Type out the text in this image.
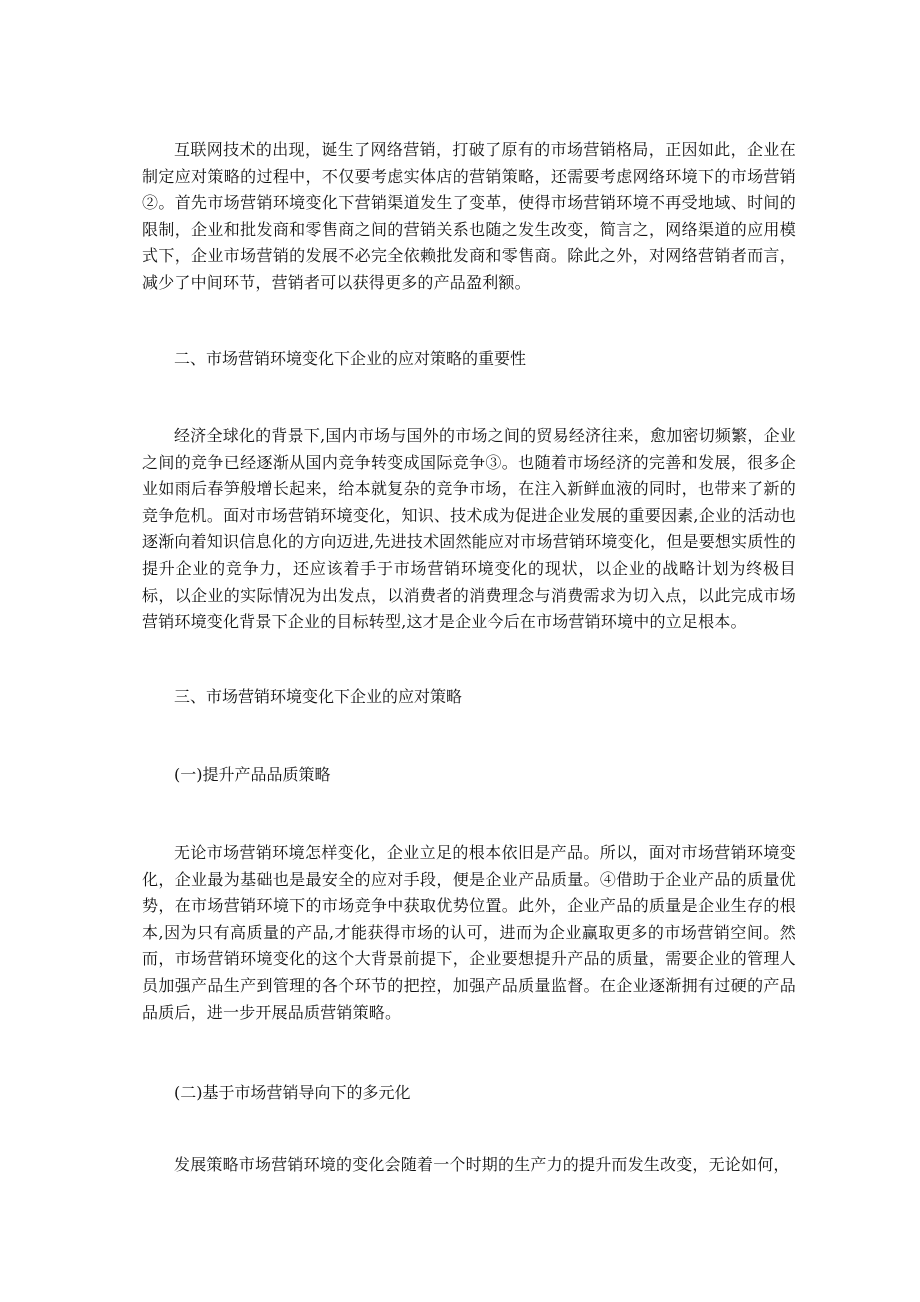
互联网技术的出现，诞生了网络营销，打破了原有的市场营销格局，正因如此，企业在制定应对策略的过程中，不仅要考虑实体店的营销策略，还需要考虑网络环境下的市场营销②。首先市场营销环境变化下营销渠道发生了变革，使得市场营销环境不再受地域、时间的限制，企业和批发商和零售商之间的营销关系也随之发生改变，简言之，网络渠道的应用模式下，企业市场营销的发展不必完全依赖批发商和零售商。除此之外，对网络营销者而言，减少了中间环节，营销者可以获得更多的产品盈利额。

二、市场营销环境变化下企业的应对策略的重要性

经济全球化的背景下,国内市场与国外的市场之间的贸易经济往来，愈加密切频繁，企业之间的竞争已经逐渐从国内竞争转变成国际竞争③。也随着市场经济的完善和发展，很多企业如雨后春笋般增长起来，给本就复杂的竞争市场，在注入新鲜血液的同时，也带来了新的竞争危机。面对市场营销环境变化，知识、技术成为促进企业发展的重要因素,企业的活动也逐渐向着知识信息化的方向迈进,先进技术固然能应对市场营销环境变化，但是要想实质性的提升企业的竞争力，还应该着手于市场营销环境变化的现状，以企业的战略计划为终极目标，以企业的实际情况为出发点，以消费者的消费理念与消费需求为切入点，以此完成市场营销环境变化背景下企业的目标转型,这才是企业今后在市场营销环境中的立足根本。

三、市场营销环境变化下企业的应对策略

(一)提升产品品质策略

无论市场营销环境怎样变化，企业立足的根本依旧是产品。所以，面对市场营销环境变化，企业最为基础也是最安全的应对手段，便是企业产品质量。④借助于企业产品的质量优势，在市场营销环境下的市场竞争中获取优势位置。此外，企业产品的质量是企业生存的根本,因为只有高质量的产品,才能获得市场的认可，进而为企业赢取更多的市场营销空间。然而，市场营销环境变化的这个大背景前提下，企业要想提升产品的质量，需要企业的管理人员加强产品生产到管理的各个环节的把控，加强产品质量监督。在企业逐渐拥有过硬的产品品质后，进一步开展品质营销策略。

(二)基于市场营销导向下的多元化

发展策略市场营销环境的变化会随着一个时期的生产力的提升而发生改变，无论如何，
